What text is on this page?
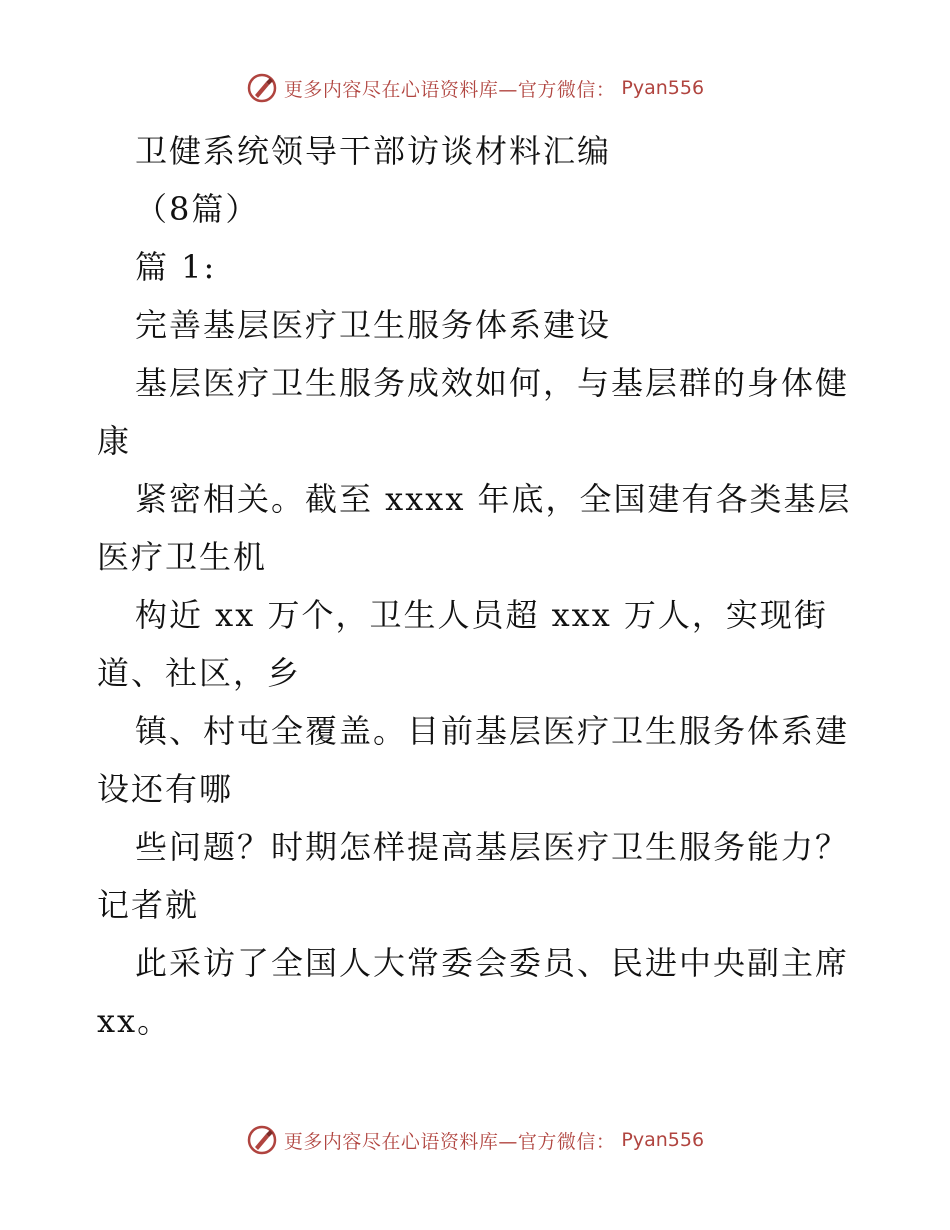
更多内容尽在心语资料库—官方微信： Pyan556
卫健系统领导干部访谈材料汇编
（8篇）
篇 1:
完善基层医疗卫生服务体系建设
基层医疗卫生服务成效如何，与基层群的身体健
康
紧密相关。截至 xxxx 年底，全国建有各类基层
医疗卫生机
构近 xx 万个，卫生人员超 xxx 万人，实现街
道、社区，乡
镇、村屯全覆盖。目前基层医疗卫生服务体系建
设还有哪
些问题？时期怎样提高基层医疗卫生服务能力？
记者就
此采访了全国人大常委会委员、民进中央副主席
xx。
更多内容尽在心语资料库—官方微信： Pyan556
